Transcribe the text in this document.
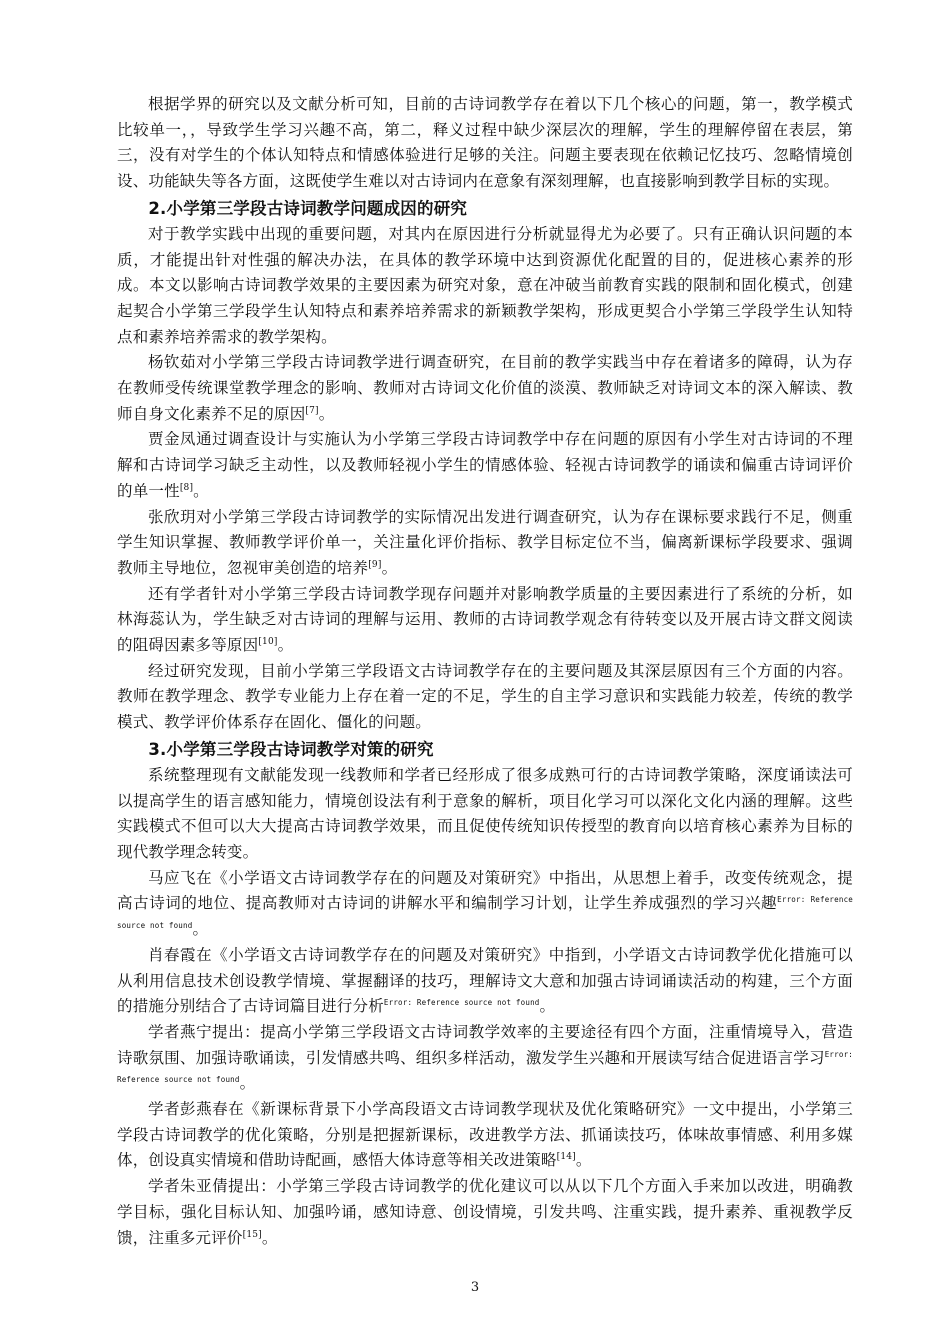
根据学界的研究以及文献分析可知，目前的古诗词教学存在着以下几个核心的问题，第一，教学模式比较单一，，导致学生学习兴趣不高，第二，释义过程中缺少深层次的理解，学生的理解停留在表层，第三，没有对学生的个体认知特点和情感体验进行足够的关注。问题主要表现在依赖记忆技巧、忽略情境创设、功能缺失等各方面，这既使学生难以对古诗词内在意象有深刻理解，也直接影响到教学目标的实现。

2.小学第三学段古诗词教学问题成因的研究

对于教学实践中出现的重要问题，对其内在原因进行分析就显得尤为必要了。只有正确认识问题的本质，才能提出针对性强的解决办法，在具体的教学环境中达到资源优化配置的目的，促进核心素养的形成。本文以影响古诗词教学效果的主要因素为研究对象，意在冲破当前教育实践的限制和固化模式，创建起契合小学第三学段学生认知特点和素养培养需求的新颖教学架构，形成更契合小学第三学段学生认知特点和素养培养需求的教学架构。

杨钦茹对小学第三学段古诗词教学进行调查研究，在目前的教学实践当中存在着诸多的障碍，认为存在教师受传统课堂教学理念的影响、教师对古诗词文化价值的淡漠、教师缺乏对诗词文本的深入解读、教师自身文化素养不足的原因[7]。

贾金凤通过调查设计与实施认为小学第三学段古诗词教学中存在问题的原因有小学生对古诗词的不理解和古诗词学习缺乏主动性，以及教师轻视小学生的情感体验、轻视古诗词教学的诵读和偏重古诗词评价的单一性[8]。

张欣玥对小学第三学段古诗词教学的实际情况出发进行调查研究，认为存在课标要求践行不足，侧重学生知识掌握、教师教学评价单一，关注量化评价指标、教学目标定位不当，偏离新课标学段要求、强调教师主导地位，忽视审美创造的培养[9]。

还有学者针对小学第三学段古诗词教学现存问题并对影响教学质量的主要因素进行了系统的分析，如林海蕊认为，学生缺乏对古诗词的理解与运用、教师的古诗词教学观念有待转变以及开展古诗文群文阅读的阻碍因素多等原因[10]。

经过研究发现，目前小学第三学段语文古诗词教学存在的主要问题及其深层原因有三个方面的内容。教师在教学理念、教学专业能力上存在着一定的不足，学生的自主学习意识和实践能力较差，传统的教学模式、教学评价体系存在固化、僵化的问题。

3.小学第三学段古诗词教学对策的研究

系统整理现有文献能发现一线教师和学者已经形成了很多成熟可行的古诗词教学策略，深度诵读法可以提高学生的语言感知能力，情境创设法有利于意象的解析，项目化学习可以深化文化内涵的理解。这些实践模式不但可以大大提高古诗词教学效果，而且促使传统知识传授型的教育向以培育核心素养为目标的现代教学理念转变。

马应飞在《小学语文古诗词教学存在的问题及对策研究》中指出，从思想上着手，改变传统观念，提高古诗词的地位、提高教师对古诗词的讲解水平和编制学习计划，让学生养成强烈的学习兴趣$^{Error: Reference source not found}$。

肖春霞在《小学语文古诗词教学存在的问题及对策研究》中指到，小学语文古诗词教学优化措施可以从利用信息技术创设教学情境、掌握翻译的技巧，理解诗文大意和加强古诗词诵读活动的构建，三个方面的措施分别结合了古诗词篇目进行分析$^{Error: Reference source not found}$。

学者燕宁提出：提高小学第三学段语文古诗词教学效率的主要途径有四个方面，注重情境导入，营造诗歌氛围、加强诗歌诵读，引发情感共鸣、组织多样活动，激发学生兴趣和开展读写结合促进语言学习$^{Error: Reference source not found}$。

学者彭燕春在《新课标背景下小学高段语文古诗词教学现状及优化策略研究》一文中提出，小学第三学段古诗词教学的优化策略，分别是把握新课标，改进教学方法、抓诵读技巧，体味故事情感、利用多媒体，创设真实情境和借助诗配画，感悟大体诗意等相关改进策略[14]。

学者朱亚倩提出：小学第三学段古诗词教学的优化建议可以从以下几个方面入手来加以改进，明确教学目标，强化目标认知、加强吟诵，感知诗意、创设情境，引发共鸣、注重实践，提升素养、重视教学反馈，注重多元评价[15]。

3
